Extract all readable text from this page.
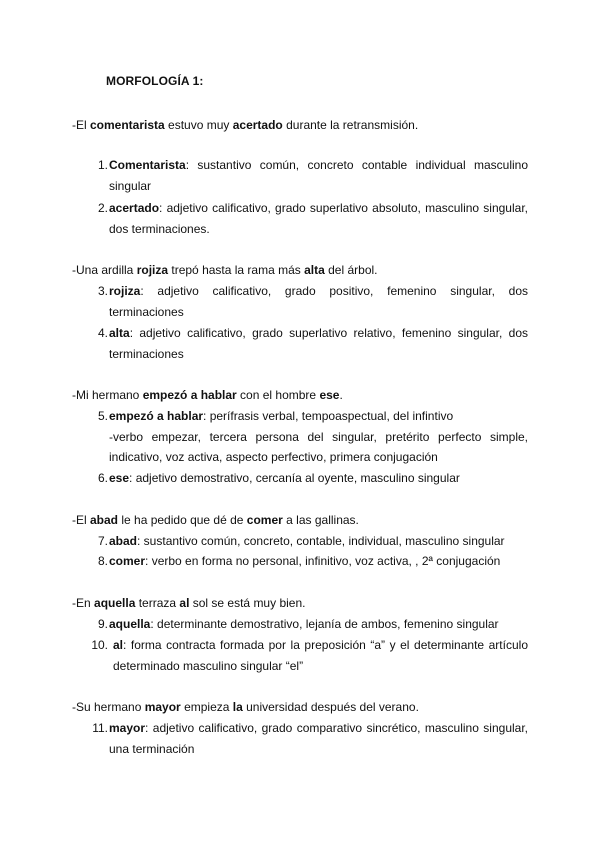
MORFOLOGÍA 1:
-El comentarista estuvo muy acertado durante la retransmisión.
1. Comentarista: sustantivo común, concreto contable individual masculino
singular
2. acertado: adjetivo calificativo, grado superlativo absoluto, masculino singular,
dos terminaciones.
-Una ardilla rojiza trepó hasta la rama más alta del árbol.
3. rojiza: adjetivo calificativo, grado positivo, femenino singular, dos
terminaciones
4. alta: adjetivo calificativo, grado superlativo relativo, femenino singular, dos
terminaciones
-Mi hermano empezó a hablar con el hombre ese.
5. empezó a hablar: perífrasis verbal, tempoaspectual, del infintivo
-verbo empezar, tercera persona del singular, pretérito perfecto simple,
indicativo, voz activa, aspecto perfectivo, primera conjugación
6. ese: adjetivo demostrativo, cercanía al oyente, masculino singular
-El abad le ha pedido que dé de comer a las gallinas.
7. abad: sustantivo común, concreto, contable, individual, masculino singular
8. comer: verbo en forma no personal, infinitivo, voz activa, , 2ª conjugación
-En aquella terraza al sol se está muy bien.
9. aquella: determinante demostrativo, lejanía de ambos, femenino singular
10. al: forma contracta formada por la preposición “a” y el determinante artículo
determinado masculino singular “el”
-Su hermano mayor empieza la universidad después del verano.
11. mayor: adjetivo calificativo, grado comparativo sincrético, masculino singular,
una terminación
